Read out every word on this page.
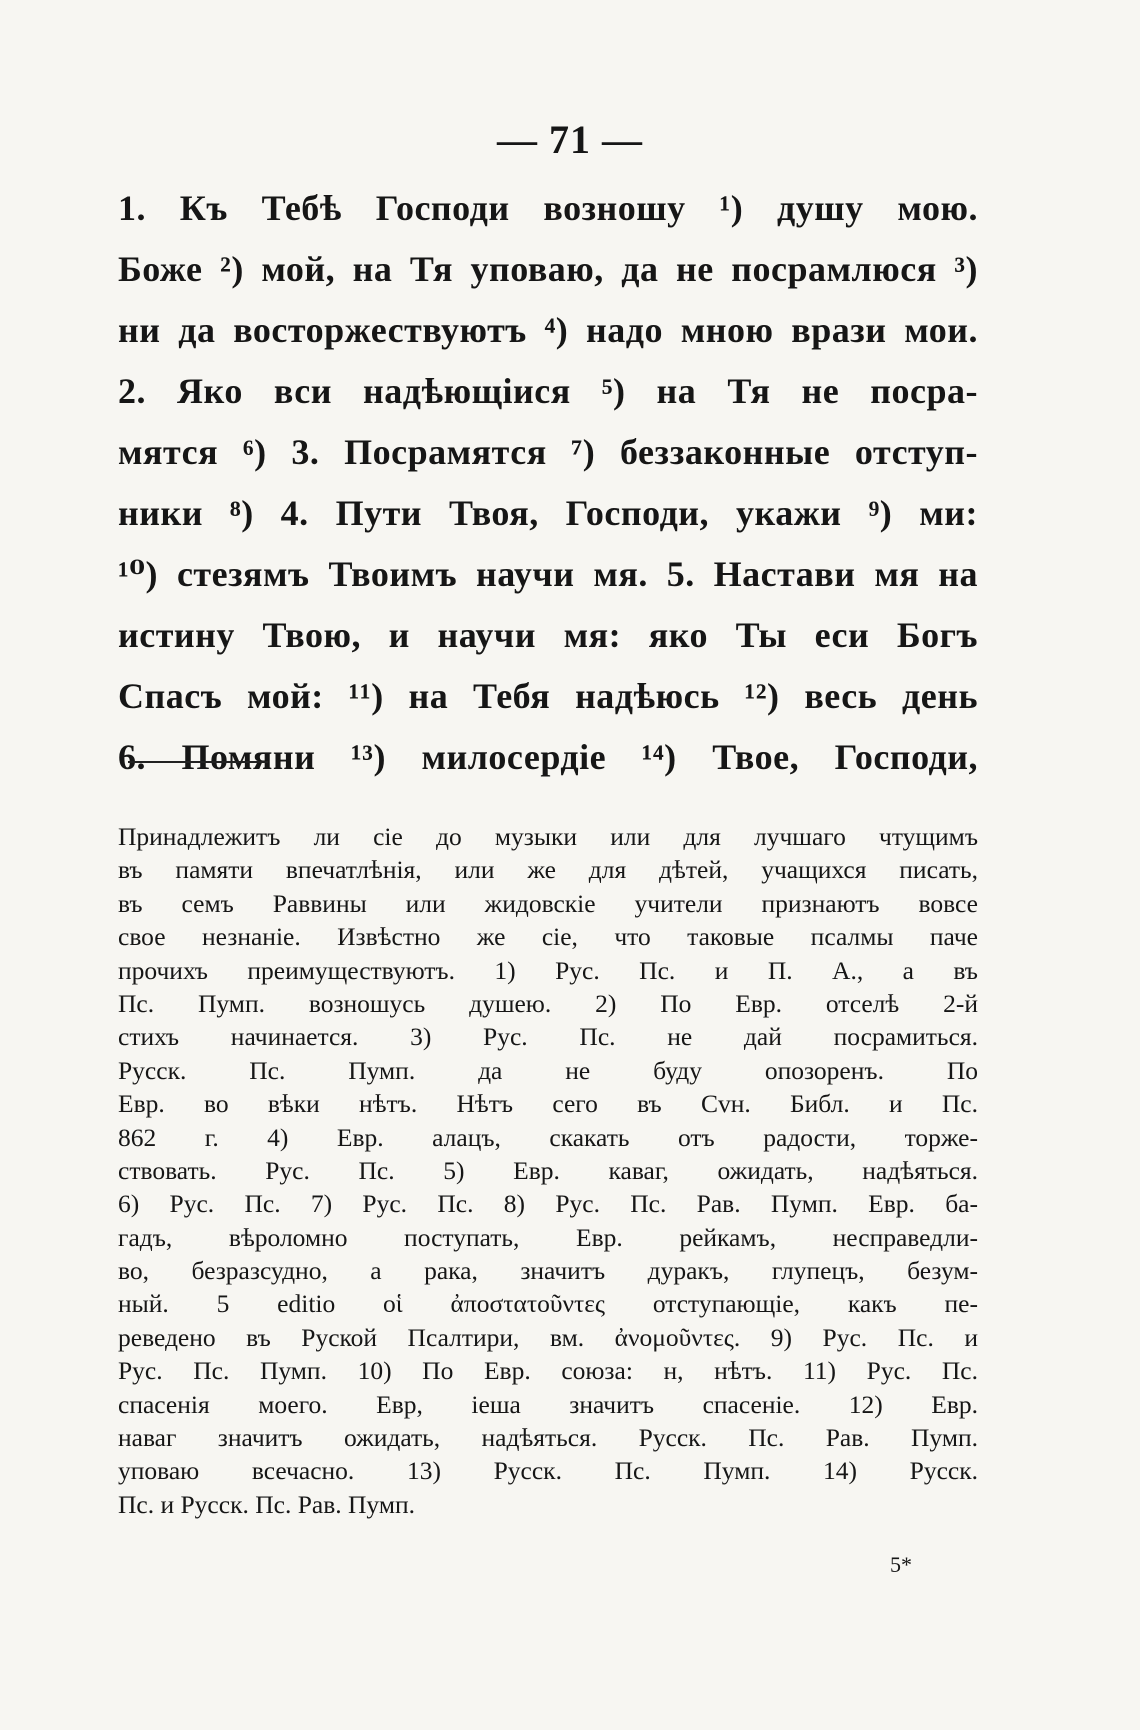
— 71 —
1. Къ Тебѣ Господи возношу ¹) душу мою.
Боже ²) мой, на Тя уповаю, да не посрамлюся ³)
ни да восторжествуютъ ⁴) надо мною врази мои.
2. Яко вси надѣющiися ⁵) на Тя не посра-
мятся ⁶) 3. Посрамятся ⁷) беззаконные отступ-
ники ⁸) 4. Пути Твоя, Господи, укажи ⁹) ми:
¹⁰) стезямъ Твоимъ научи мя. 5. Настави мя на
истину Твою, и научи мя: яко Ты еси Богъ
Спасъ мой: ¹¹) на Тебя надѣюсь ¹²) весь день
6. Помяни ¹³) милосердiе ¹⁴) Твое, Господи,
Принадлежитъ ли сiе до музыки или для лучшаго чтущимъ
въ памяти впечатлѣнiя, или же для дѣтей, учащихся писать,
въ семъ Раввины или жидовскiе учители признаютъ вовсе
свое незнанiе. Извѣстно же сiе, что таковые псалмы паче
прочихъ преимуществуютъ. 1) Рус. Пс. и П. А., а въ
Пс. Пумп. возношусь душею. 2) По Евр. отселѣ 2-й
стихъ начинается. 3) Рус. Пс. не дай посрамиться.
Русск. Пс. Пумп. да не буду опозоренъ. По
Евр. во вѣки нѣтъ. Нѣтъ сего въ Сvн. Библ. и Пс.
862 г. 4) Евр. алацъ, скакать отъ радости, торже-
ствовать. Рус. Пс. 5) Евр. каваг, ожидать, надѣяться.
6) Рус. Пс. 7) Рус. Пс. 8) Рус. Пс. Рав. Пумп. Евр. ба-
гадъ, вѣроломно поступать, Евр. рейкамъ, несправедли-
во, безразсудно, а рака, значитъ дуракъ, глупецъ, безум-
ный. 5 editio οἱ ἀποστατοῦντες отступающiе, какъ пе-
реведено въ Руской Псалтири, вм. ἀνομοῦντες. 9) Рус. Пс. и
Рус. Пс. Пумп. 10) По Евр. союза: н, нѣтъ. 11) Рус. Пс.
спасенiя моего. Евр, iеша значитъ спасенiе. 12) Евр.
наваг значитъ ожидать, надѣяться. Русск. Пс. Рав. Пумп.
уповаю всечасно. 13) Русск. Пс. Пумп. 14) Русск.
Пс. и Русск. Пс. Рав. Пумп.
5*
